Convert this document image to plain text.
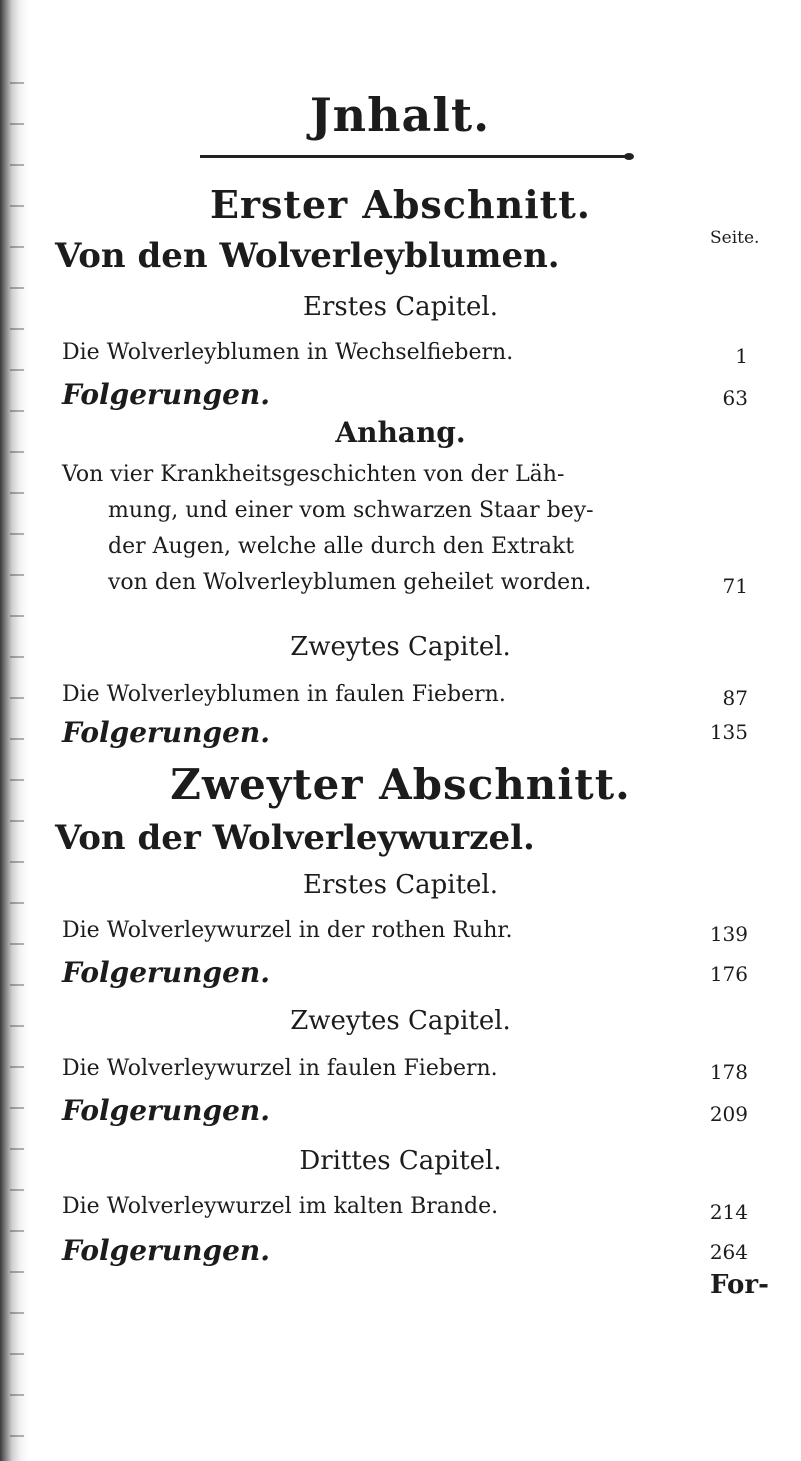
Jnhalt.
Erster Abschnitt.
Seite.
Von den Wolverleyblumen.
Erstes Capitel.
Die Wolverleyblumen in Wechselfiebern.	1
Folgerungen.	63
Anhang.
Von vier Krankheitsgeschichten von der Läh-
mung, und einer vom schwarzen Staar bey-
der Augen, welche alle durch den Extrakt
von den Wolverleyblumen geheilet worden.	71
Zweytes Capitel.
Die Wolverleyblumen in faulen Fiebern.	87
Folgerungen.	135
Zweyter Abschnitt.
Von der Wolverleywurzel.
Erstes Capitel.
Die Wolverleywurzel in der rothen Ruhr.	139
Folgerungen.	176
Zweytes Capitel.
Die Wolverleywurzel in faulen Fiebern.	178
Folgerungen.	209
Drittes Capitel.
Die Wolverleywurzel im kalten Brande.	214
Folgerungen.	264
For-
